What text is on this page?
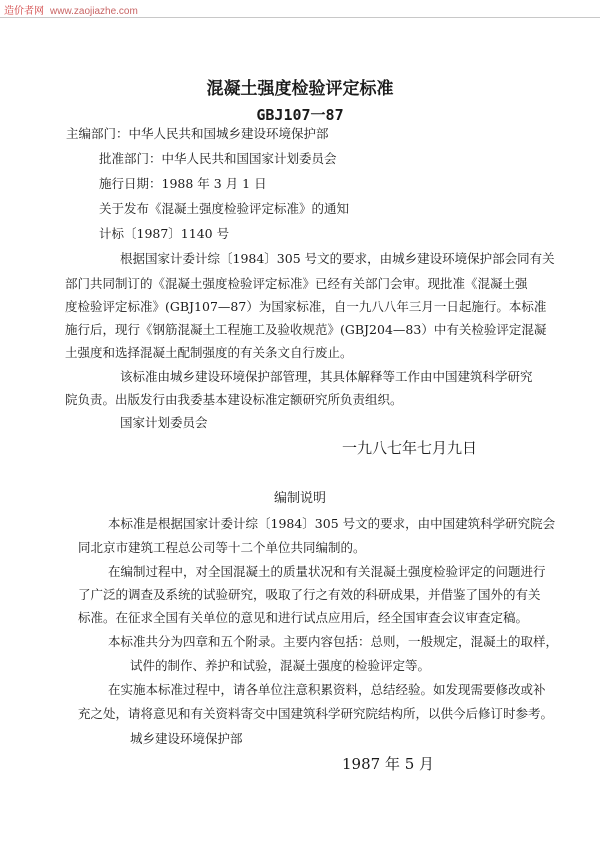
造价者网 www.zaojiazhe.com
混凝土强度检验评定标准
GBJ107一87
主编部门：中华人民共和国城乡建设环境保护部
批准部门：中华人民共和国国家计划委员会
施行日期：1988 年 3 月 1 日
关于发布《混凝土强度检验评定标准》的通知
计标〔1987〕1140 号
根据国家计委计综〔1984〕305 号文的要求，由城乡建设环境保护部会同有关
部门共同制订的《混凝土强度检验评定标准》已经有关部门会审。现批准《混凝土强
度检验评定标准》(GBJ107—87）为国家标准，自一九八八年三月一日起施行。本标准
施行后，现行《钢筋混凝土工程施工及验收规范》(GBJ204—83）中有关检验评定混凝
土强度和选择混凝土配制强度的有关条文自行废止。
该标准由城乡建设环境保护部管理，其具体解释等工作由中国建筑科学研究
院负责。出版发行由我委基本建设标准定额研究所负责组织。
国家计划委员会
一九八七年七月九日
编制说明
本标准是根据国家计委计综〔1984〕305 号文的要求，由中国建筑科学研究院会
同北京市建筑工程总公司等十二个单位共同编制的。
在编制过程中，对全国混凝土的质量状况和有关混凝土强度检验评定的问题进行
了广泛的调查及系统的试验研究，吸取了行之有效的科研成果，并借鉴了国外的有关
标准。在征求全国有关单位的意见和进行试点应用后，经全国审查会议审查定稿。
本标准共分为四章和五个附录。主要内容包括：总则，一般规定，混凝土的取样，
试件的制作、养护和试验，混凝土强度的检验评定等。
在实施本标准过程中，请各单位注意积累资料，总结经验。如发现需要修改或补
充之处，请将意见和有关资料寄交中国建筑科学研究院结构所，以供今后修订时参考。
城乡建设环境保护部
1987 年 5 月
